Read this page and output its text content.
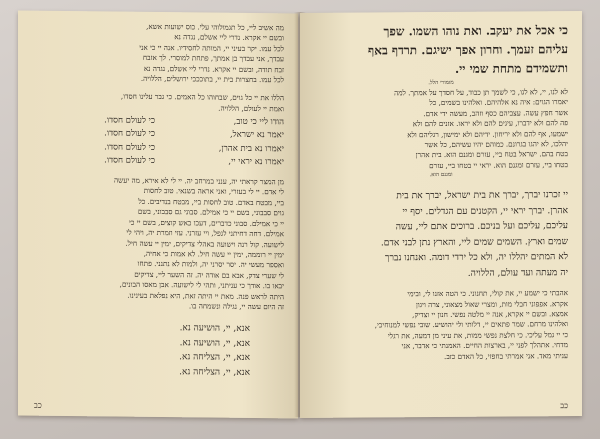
מה אשיב ליי, כל תגמולוהי עלי. כוס ישועות אשא,
ובשם יי אקרא. נדרי ליי אשלם, נגדה נא
לכל עמו. יקר בעיני יי, המותה לחסידיו. אנה יי כי אני
עבדך, אני עבדך בן אמתך, פתחת למוסרי. לך אזבח
זבח תודה, ובשם יי אקרא. נדרי ליי אשלם, נגדה נא
לכל עמו. בחצרות בית יי, בתוכככי ירושלים, הללויה.
הללו את יי כל גוים, שבחוהו כל האמים. כי גבר עלינו חסדו,
ואמת יי לעולם, הללויה.
הודו ליי כי טוב,
כי לעולם חסדו.
יאמר נא ישראל,
כי לעולם חסדו.
יאמרו נא בית אהרן,
כי לעולם חסדו.
יאמרו נא יראי יי,
כי לעולם חסדו.
מן המצר קראתי יה, ענני במרחב יה. יי לי לא אירא, מה יעשה
לי אדם. יי לי בעזרי, ואני אראה בשנאי. טוב לחסות
ביי, מבטח באדם. טוב לחסות ביי, מבטח בנדיבים. כל
גוים סבבוני, בשם יי כי אמילם. סבוני גם סבבוני, בשם
יי כי אמילם. סבוני כדברים, דעכו כאש קוצים, בשם יי כי
אמילם. דחה דחיתני לנפל, ויי עזרני. עזי וזמרת יה, ויהי לי
לישועה. קול רנה וישועה באהלי צדיקים, ימין יי עשה חיל.
ימין יי רוממה, ימין יי עשה חיל. לא אמות כי אחיה,
ואספר מעשי יה. יסר יסרני יה, ולמות לא נתנני. פתחו
לי שערי צדק, אבא בם אודה יה. זה השער ליי, צדיקים
יבאו בו. אודך כי עניתני, ותהי לי לישועה. אבן מאסו הבונים,
היתה לראש פנה. מאת יי היתה זאת, היא נפלאת בעינינו.
זה היום עשה יי, נגילה ונשמחה בו.
אנא, יי, הושיעה נא.
אנא, יי, הושיעה נא.
אנא, יי, הצליחה נא.
אנא, יי, הצליחה נא.
כב
כי אכל את יעקב. ואת נוהו השמו. שפך
עליהם זעמך. וחרון אפך ישיגם. תרדף באף
ותשמידם מתחת שמי יי.
מזמורי הלל.
לא לנו, יי, לא לנו, כי לשמך תן כבוד, על חסדך על אמתך. למה
יאמרו הגוים: איה נא אלהיהם. ואלהינו בשמים, כל
אשר חפץ עשה. עצביהם כסף וזהב, מעשה ידי אדם.
פה להם ולא ידברו, עינים להם ולא יראו. אזנים להם ולא
ישמעו, אף להם ולא יריחון. ידיהם ולא ימישון, רגליהם ולא
יהלכו, לא יהגו בגרונם. כמוהם יהיו עשיהם, כל אשר
בטח בהם. ישראל בטח ביי, עזרם ומגנם הוא. בית אהרן
בטחו ביי, עזרם ומגנם הוא. יראי יי בטחו ביי, עזרם
ומגנם הוא.
יי זכרנו יברך, יברך את בית ישראל, יברך את בית
אהרן. יברך יראי יי, הקטנים עם הגדלים. יסף יי
עליכם, עליכם ועל בניכם. ברוכים אתם ליי, עשה
שמים וארץ. השמים שמים ליי, והארץ נתן לבני אדם.
לא המתים יהללו יה, ולא כל ירדי דומה. ואנחנו נברך
יה מעתה ועד עולם, הללויה.
אהבתי כי ישמע יי, את קולי, תחנוני. כי הטה אזנו לי, ובימי
אקרא. אפפוני חבלי מות, ומצרי שאול מצאוני, צרה ויגון
אמצא. ובשם יי אקרא, אנה יי מלטה נפשי. חנון יי וצדיק,
ואלהינו מרחם. שמר פתאים יי, דלותי ולי יהושיע. שובי נפשי למנוחיכי,
כי יי גמל עליכי. כי חלצת נפשי ממות, את עיני מן דמעה, את רגלי
מדחי. אתהלך לפני יי, בארצות החיים. האמנתי כי אדבר, אני
עניתי מאד. אני אמרתי בחפזי, כל האדם כזב.
כב
